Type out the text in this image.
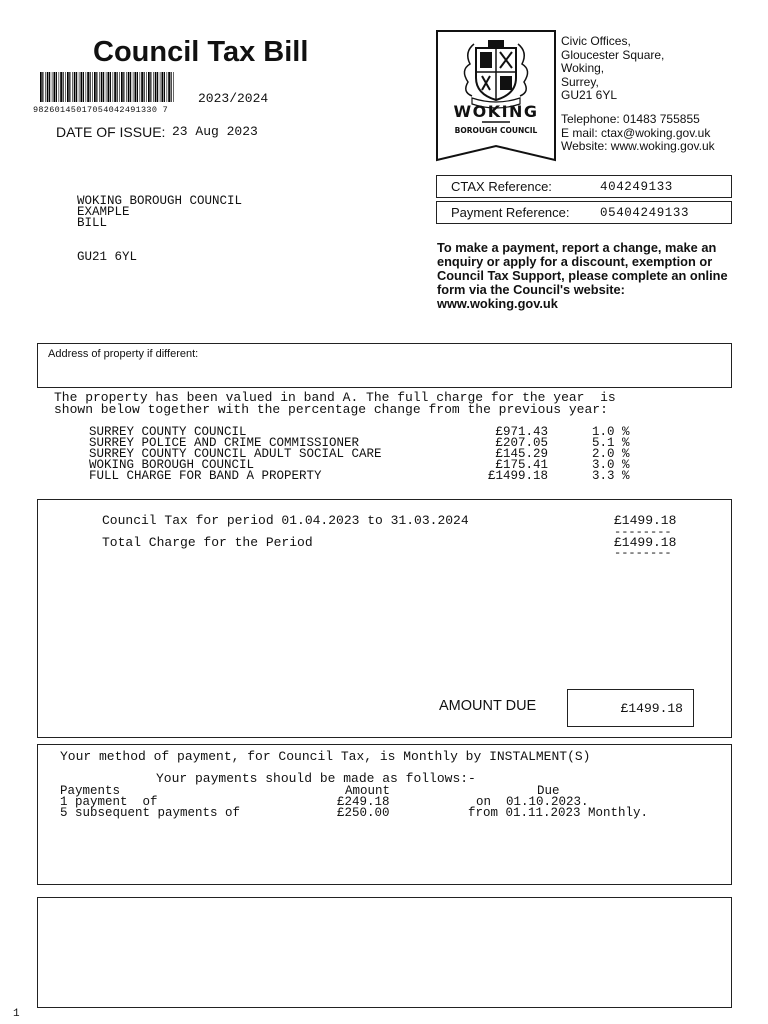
Council Tax Bill
98260145017054042491330 7
2023/2024
DATE OF ISSUE: 23 Aug 2023
WOKING BOROUGH COUNCIL
EXAMPLE
BILL
GU21 6YL
WOKING
BOROUGH COUNCIL
Civic Offices,
Gloucester Square,
Woking,
Surrey,
GU21 6YL
Telephone: 01483 755855
E mail: ctax@woking.gov.uk
Website: www.woking.gov.uk
CTAX Reference:	404249133
Payment Reference: 05404249133
To make a payment, report a change, make an enquiry or apply for a discount, exemption or Council Tax Support, please complete an online form via the Council's website: www.woking.gov.uk
Address of property if different:
The property has been valued in band A. The full charge for the year  is
shown below together with the percentage change from the previous year:
SURREY COUNTY COUNCIL	£971.43	1.0 %
SURREY POLICE AND CRIME COMMISSIONER	£207.05	5.1 %
SURREY COUNTY COUNCIL ADULT SOCIAL CARE	£145.29	2.0 %
WOKING BOROUGH COUNCIL	£175.41	3.0 %
FULL CHARGE FOR BAND A PROPERTY	£1499.18	3.3 %
Council Tax for period 01.04.2023 to 31.03.2024	£1499.18
--------
Total Charge for the Period	£1499.18
--------
AMOUNT DUE	£1499.18
Your method of payment, for Council Tax, is Monthly by INSTALMENT(S)
Your payments should be made as follows:-
Payments	Amount	Due
1 payment  of	£249.18	on  01.10.2023.
5 subsequent payments of	£250.00	from 01.11.2023 Monthly.
1
